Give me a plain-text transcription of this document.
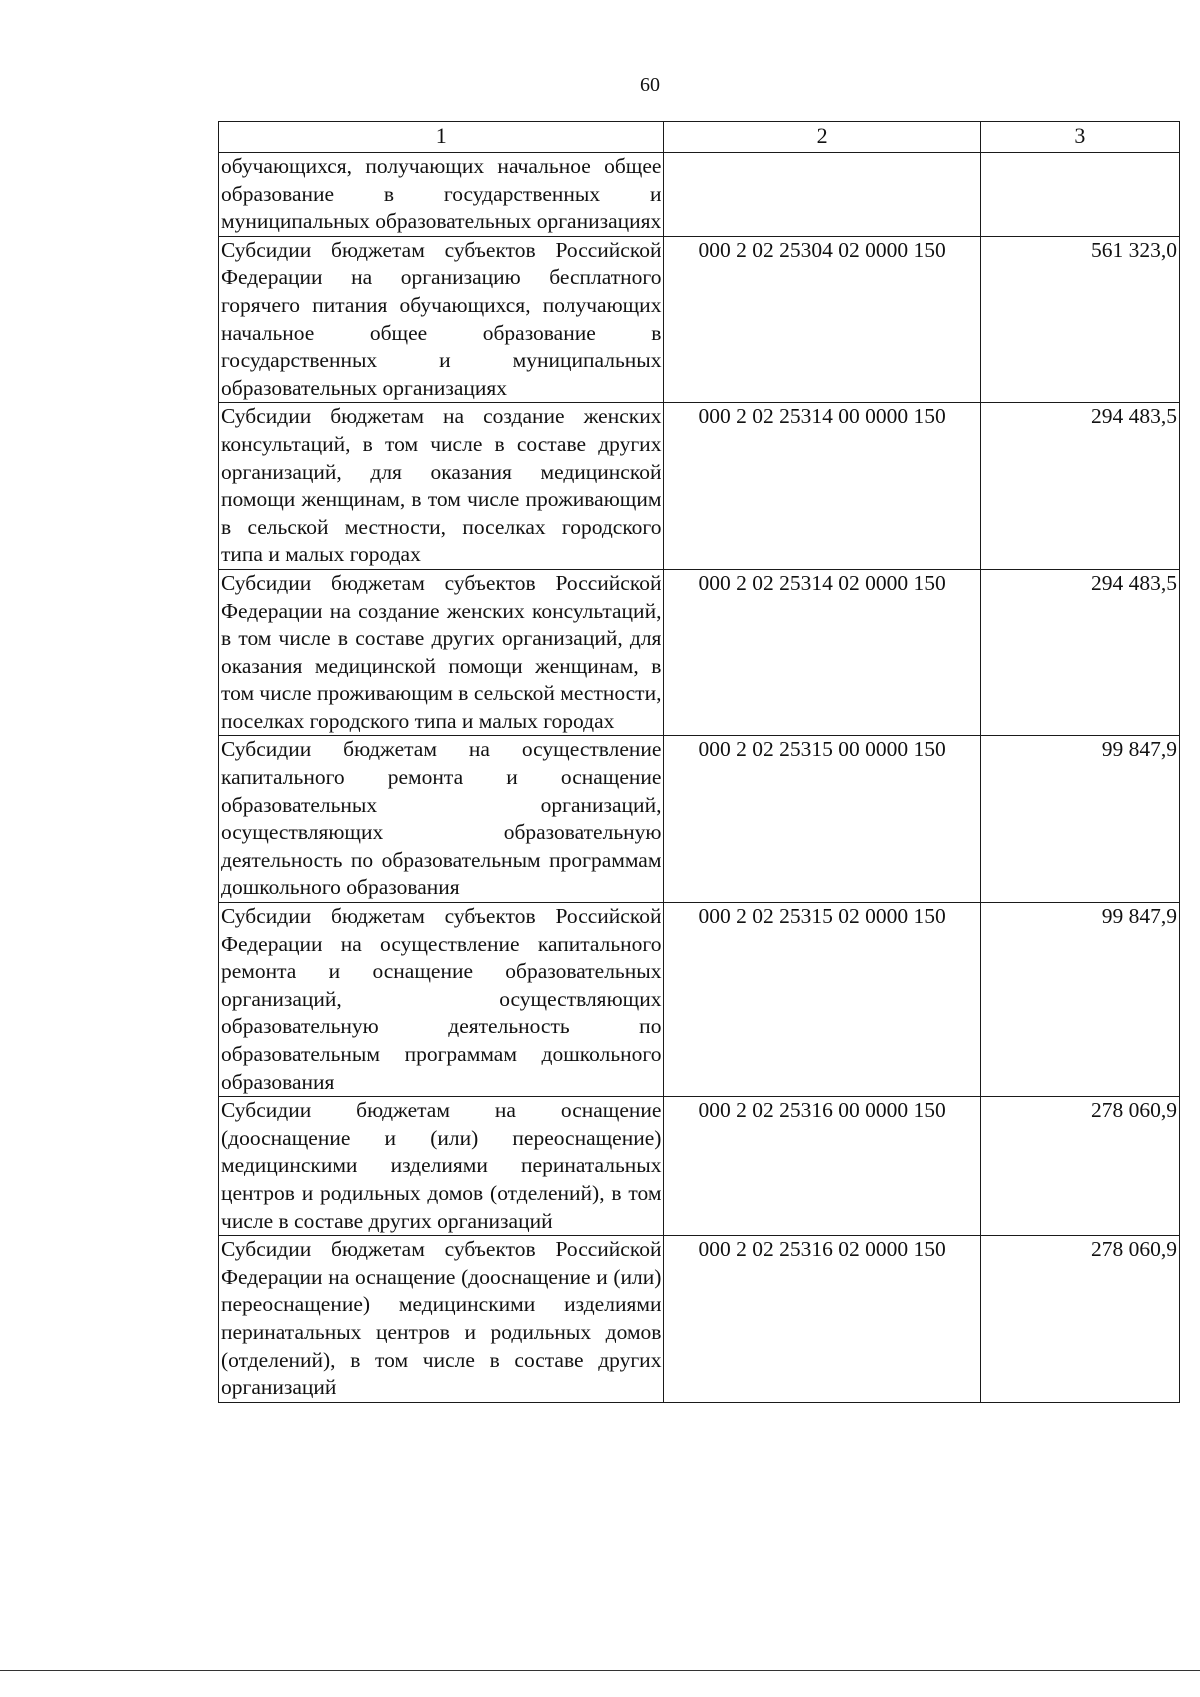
60
1	2	3
обучающихся, получающих начальное общее образование в государственных и муниципальных образовательных организациях		
Субсидии бюджетам субъектов Российской Федерации на организацию бесплатного горячего питания обучающихся, получающих начальное общее образование в государственных и муниципальных образовательных организациях	000 2 02 25304 02 0000 150	561 323,0
Субсидии бюджетам на создание женских консультаций, в том числе в составе других организаций, для оказания медицинской помощи женщинам, в том числе проживающим в сельской местности, поселках городского типа и малых городах	000 2 02 25314 00 0000 150	294 483,5
Субсидии бюджетам субъектов Российской Федерации на создание женских консультаций, в том числе в составе других организаций, для оказания медицинской помощи женщинам, в том числе проживающим в сельской местности, поселках городского типа и малых городах	000 2 02 25314 02 0000 150	294 483,5
Субсидии бюджетам на осуществление капитального ремонта и оснащение образовательных организаций, осуществляющих образовательную деятельность по образовательным программам дошкольного образования	000 2 02 25315 00 0000 150	99 847,9
Субсидии бюджетам субъектов Российской Федерации на осуществление капитального ремонта и оснащение образовательных организаций, осуществляющих образовательную деятельность по образовательным программам дошкольного образования	000 2 02 25315 02 0000 150	99 847,9
Субсидии бюджетам на оснащение (дооснащение и (или) переоснащение) медицинскими изделиями перинатальных центров и родильных домов (отделений), в том числе в составе других организаций	000 2 02 25316 00 0000 150	278 060,9
Субсидии бюджетам субъектов Российской Федерации на оснащение (дооснащение и (или) переоснащение) медицинскими изделиями перинатальных центров и родильных домов (отделений), в том числе в составе других организаций	000 2 02 25316 02 0000 150	278 060,9
